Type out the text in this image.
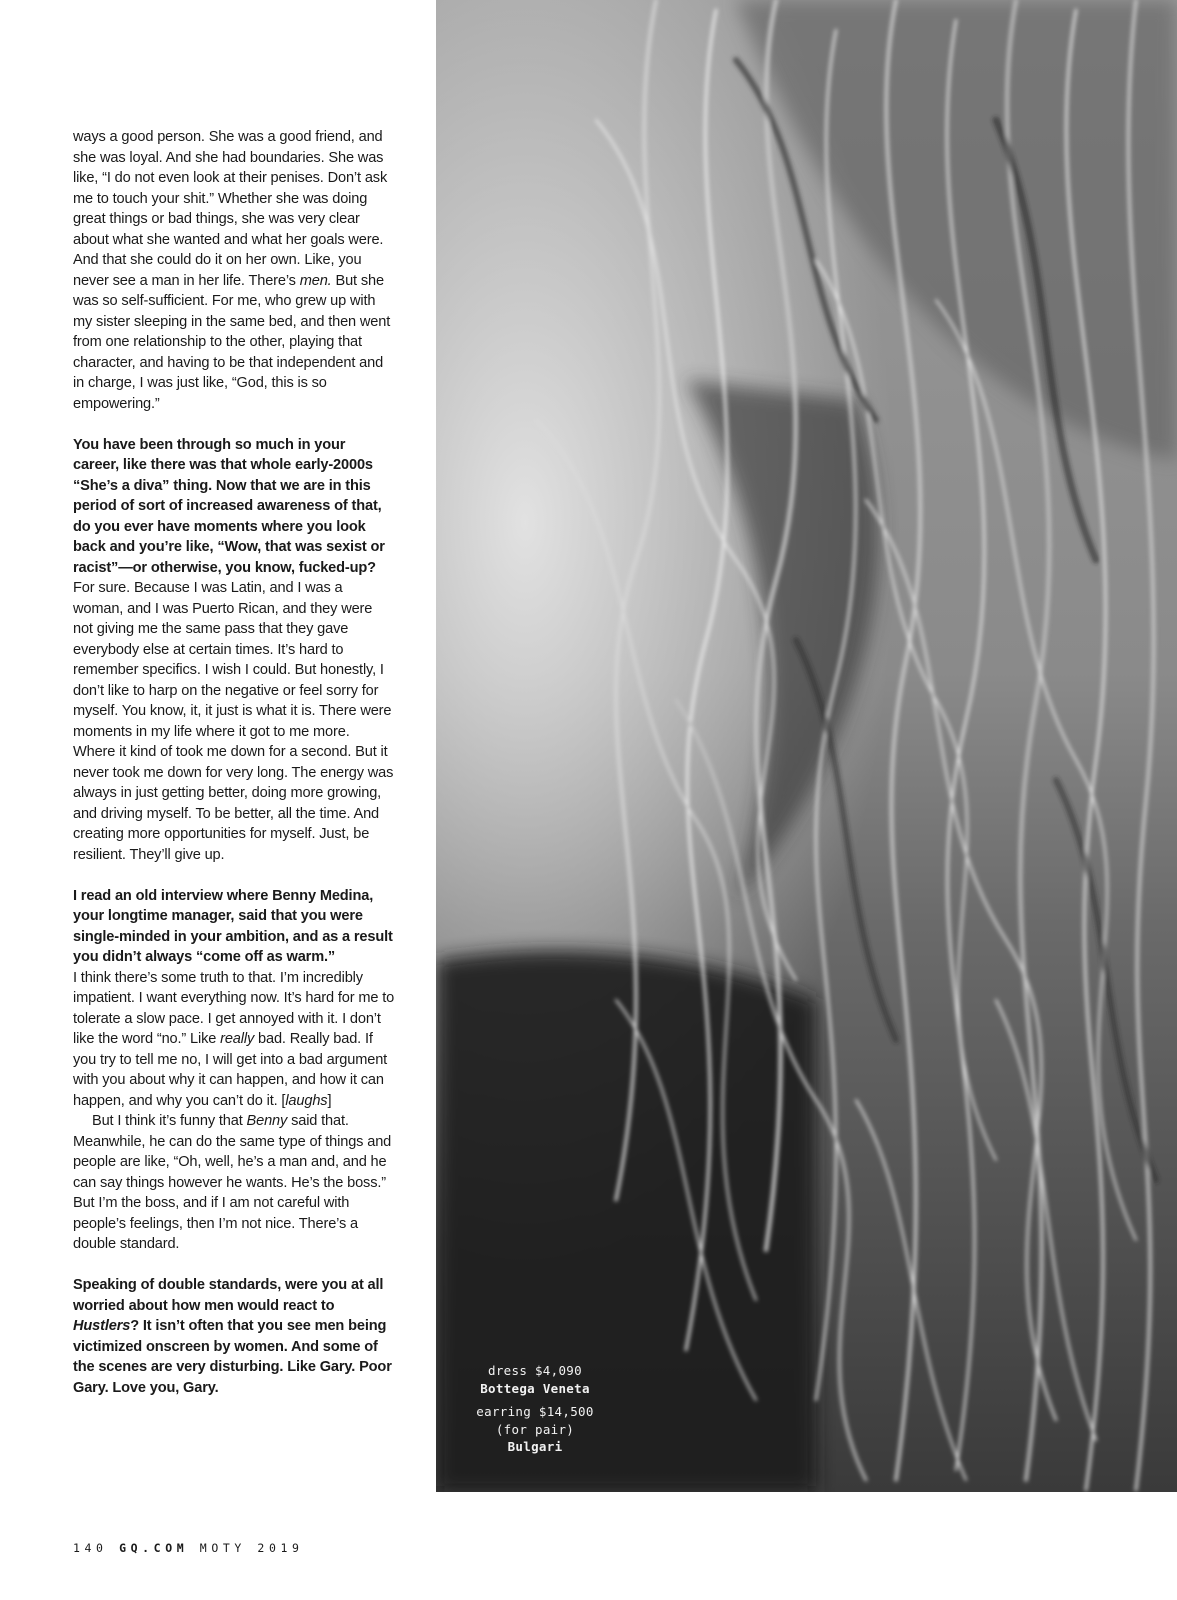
ways a good person. She was a good friend, and she was loyal. And she had boundaries. She was like, “I do not even look at their penises. Don’t ask me to touch your shit.” Whether she was doing great things or bad things, she was very clear about what she wanted and what her goals were. And that she could do it on her own. Like, you never see a man in her life. There’s men. But she was so self-sufficient. For me, who grew up with my sister sleeping in the same bed, and then went from one relationship to the other, playing that character, and having to be that independent and in charge, I was just like, “God, this is so empowering.”

You have been through so much in your career, like there was that whole early-2000s “She’s a diva” thing. Now that we are in this period of sort of increased awareness of that, do you ever have moments where you look back and you’re like, “Wow, that was sexist or racist”—or otherwise, you know, fucked-up?

For sure. Because I was Latin, and I was a woman, and I was Puerto Rican, and they were not giving me the same pass that they gave everybody else at certain times. It’s hard to remember specifics. I wish I could. But honestly, I don’t like to harp on the negative or feel sorry for myself. You know, it, it just is what it is. There were moments in my life where it got to me more. Where it kind of took me down for a second. But it never took me down for very long. The energy was always in just getting better, doing more growing, and driving myself. To be better, all the time. And creating more opportunities for myself. Just, be resilient. They’ll give up.

I read an old interview where Benny Medina, your longtime manager, said that you were single-minded in your ambition, and as a result you didn’t always “come off as warm.”

I think there’s some truth to that. I’m incredibly impatient. I want everything now. It’s hard for me to tolerate a slow pace. I get annoyed with it. I don’t like the word “no.” Like really bad. Really bad. If you try to tell me no, I will get into a bad argument with you about why it can happen, and how it can happen, and why you can’t do it. [laughs]

But I think it’s funny that Benny said that. Meanwhile, he can do the same type of things and people are like, “Oh, well, he’s a man and, and he can say things however he wants. He’s the boss.” But I’m the boss, and if I am not careful with people’s feelings, then I’m not nice. There’s a double standard.

Speaking of double standards, were you at all worried about how men would react to Hustlers? It isn’t often that you see men being victimized onscreen by women. And some of the scenes are very disturbing. Like Gary. Poor Gary. Love you, Gary.

dress $4,090
Bottega Veneta
earring $14,500
(for pair)
Bulgari
140 GQ.COM MOTY 2019
